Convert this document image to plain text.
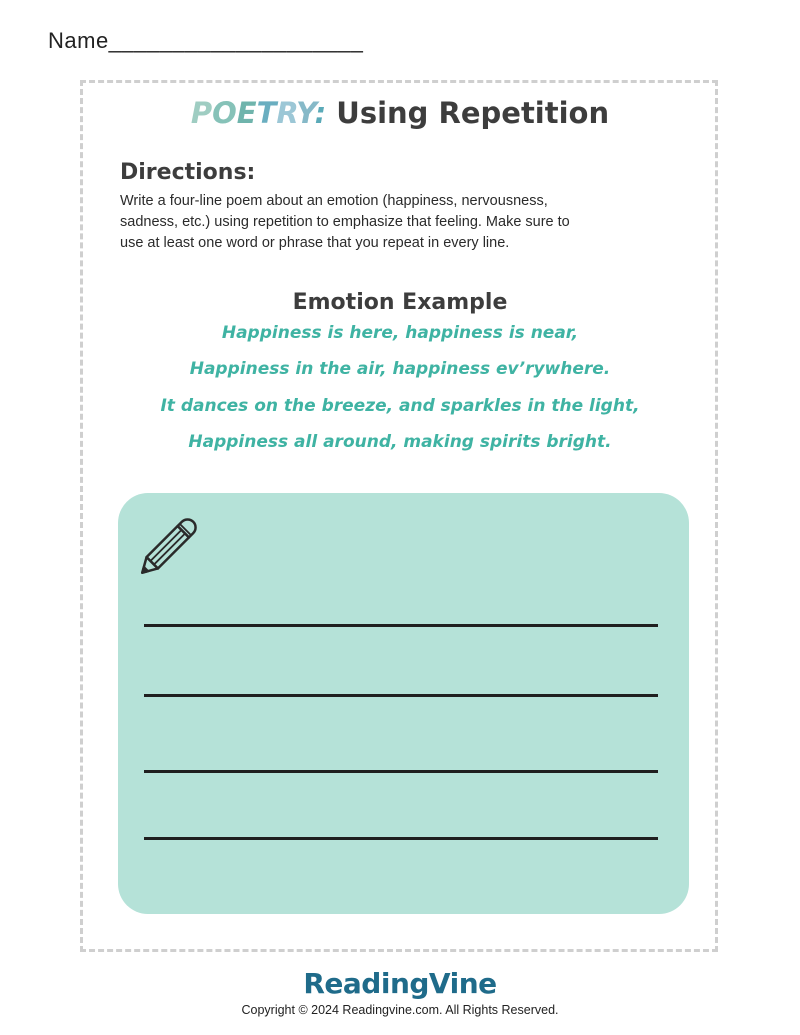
Name____________________
POETRY: Using Repetition
Directions:
Write a four-line poem about an emotion (happiness, nervousness,
sadness, etc.) using repetition to emphasize that feeling. Make sure to
use at least one word or phrase that you repeat in every line.
Emotion Example
Happiness is here, happiness is near,
Happiness in the air, happiness ev’rywhere.
It dances on the breeze, and sparkles in the light,
Happiness all around, making spirits bright.
ReadingVine
Copyright © 2024 Readingvine.com. All Rights Reserved.
